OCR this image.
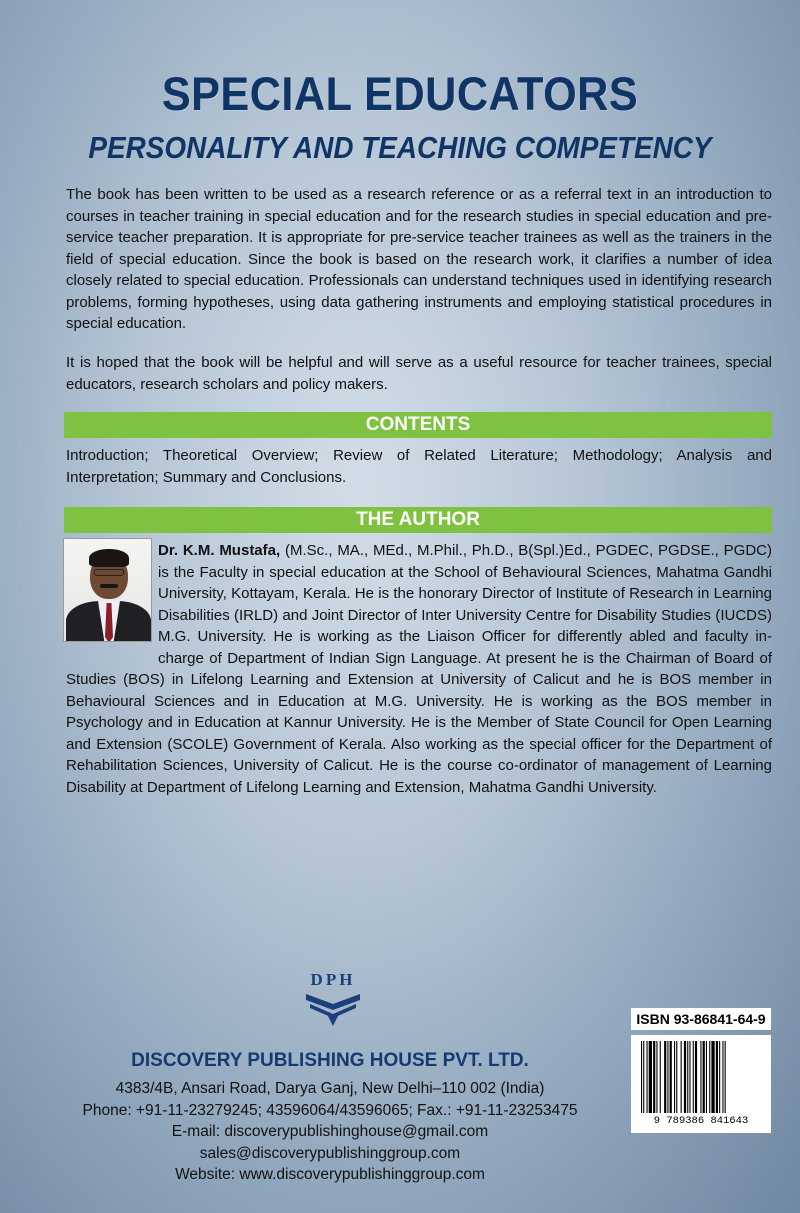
SPECIAL EDUCATORS
PERSONALITY AND TEACHING COMPETENCY

The book has been written to be used as a research reference or as a referral text in an introduction to courses in teacher training in special education and for the research studies in special education and pre-service teacher preparation. It is appropriate for pre-service teacher trainees as well as the trainers in the field of special education. Since the book is based on the research work, it clarifies a number of idea closely related to special education. Professionals can understand techniques used in identifying research problems, forming hypotheses, using data gathering instruments and employing statistical procedures in special education.

It is hoped that the book will be helpful and will serve as a useful resource for teacher trainees, special educators, research scholars and policy makers.

CONTENTS

Introduction; Theoretical Overview; Review of Related Literature; Methodology; Analysis and Interpretation; Summary and Conclusions.

THE AUTHOR
Dr. K.M. Mustafa, (M.Sc., MA., MEd., M.Phil., Ph.D., B(Spl.)Ed., PGDEC, PGDSE., PGDC) is the Faculty in special education at the School of Behavioural Sciences, Mahatma Gandhi University, Kottayam, Kerala. He is the honorary Director of Institute of Research in Learning Disabilities (IRLD) and Joint Director of Inter University Centre for Disability Studies (IUCDS) M.G. University. He is working as the Liaison Officer for differently abled and faculty in-charge of Department of Indian Sign Language. At present he is the Chairman of Board of Studies (BOS) in Lifelong Learning and Extension at University of Calicut and he is BOS member in Behavioural Sciences and in Education at M.G. University. He is working as the BOS member in Psychology and in Education at Kannur University. He is the Member of State Council for Open Learning and Extension (SCOLE) Government of Kerala. Also working as the special officer for the Department of Rehabilitation Sciences, University of Calicut. He is the course co-ordinator of management of Learning Disability at Department of Lifelong Learning and Extension, Mahatma Gandhi University.
DPH
DISCOVERY PUBLISHING HOUSE PVT. LTD.
4383/4B, Ansari Road, Darya Ganj, New Delhi–110 002 (India)
Phone: +91-11-23279245; 43596064/43596065; Fax.: +91-11-23253475
E-mail: discoverypublishinghouse@gmail.com
sales@discoverypublishinggroup.com
Website: www.discoverypublishinggroup.com
ISBN 93-86841-64-9
9 789386 841643
